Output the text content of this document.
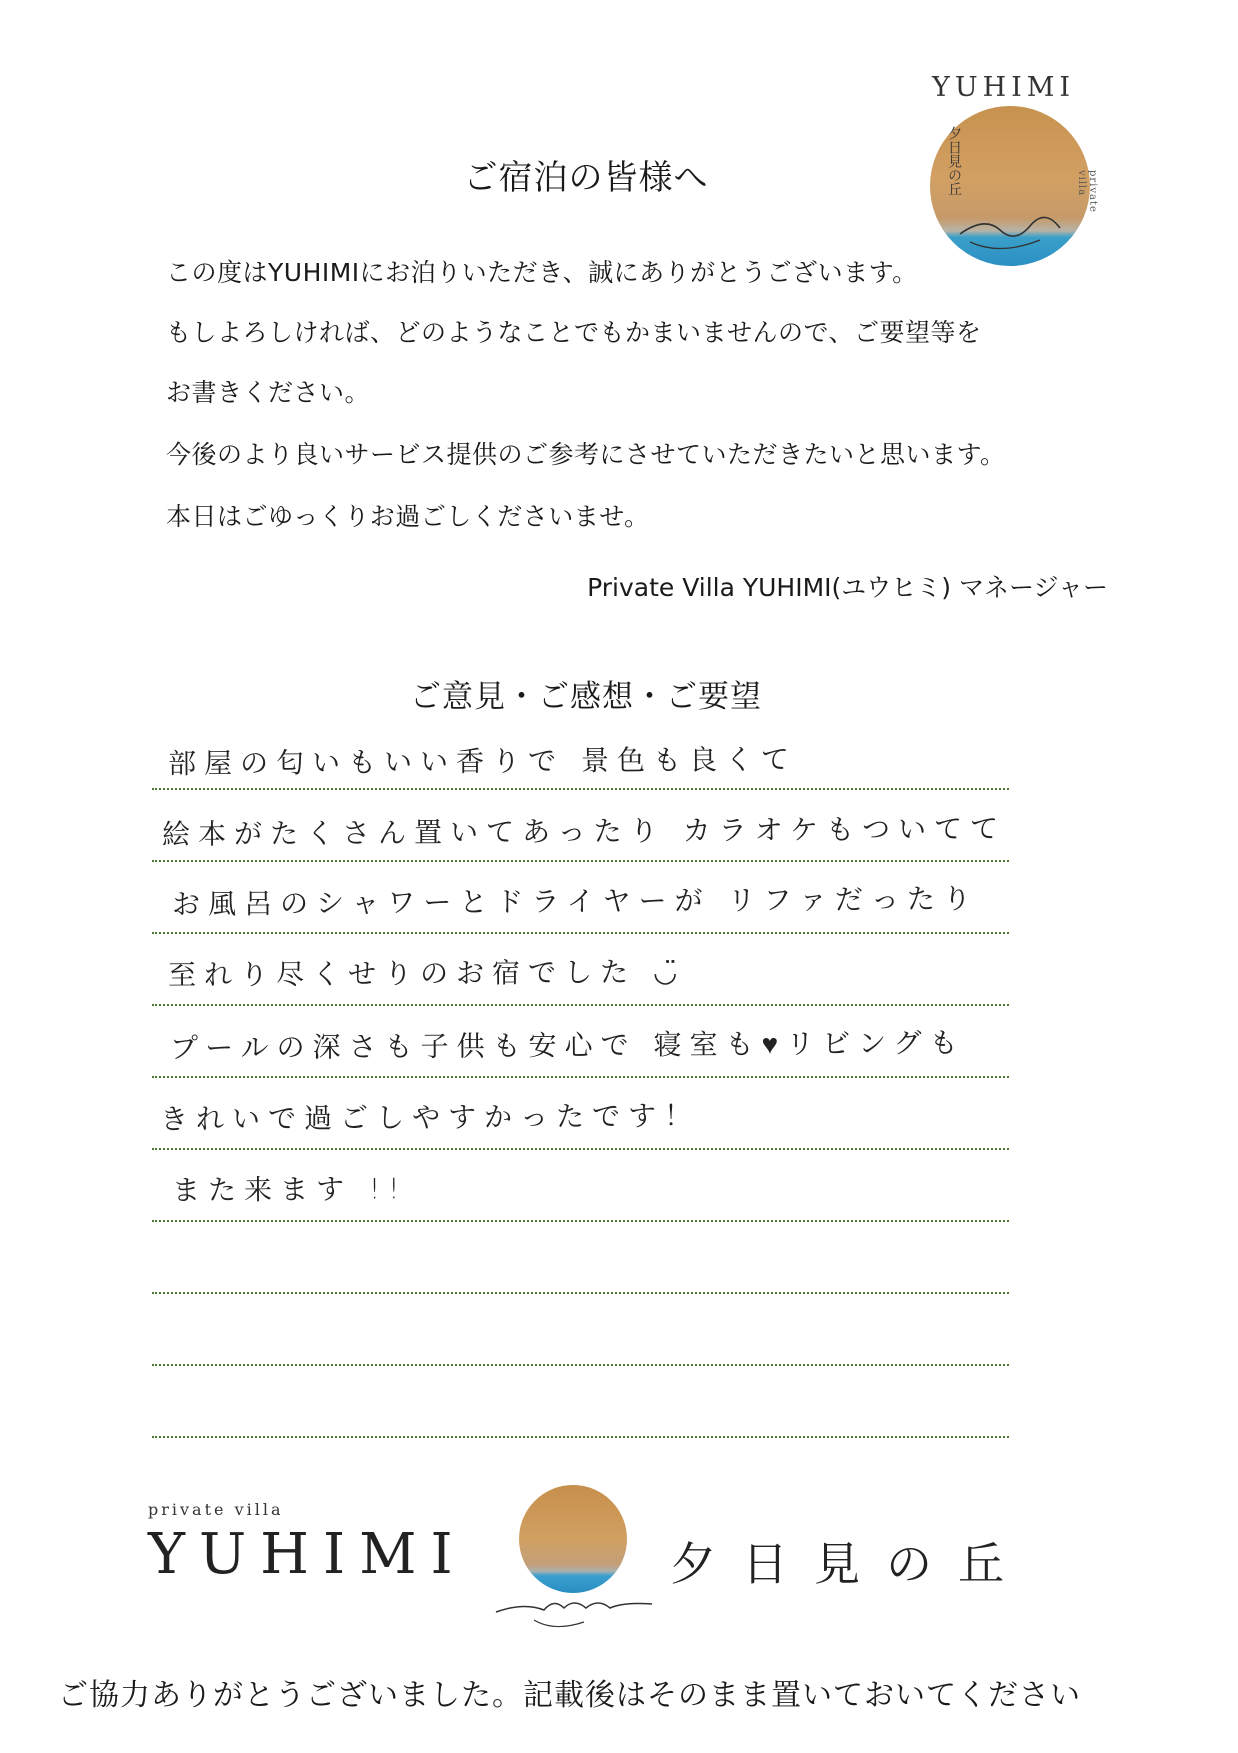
YUHIMI
夕日見の丘	private villa
ご宿泊の皆様へ
この度はYUHIMIにお泊りいただき、誠にありがとうございます。
もしよろしければ、どのようなことでもかまいませんので、ご要望等を
お書きください。
今後のより良いサービス提供のご参考にさせていただきたいと思います。
本日はごゆっくりお過ごしくださいませ。
Private Villa YUHIMI(ユウヒミ) マネージャー
ご意見・ご感想・ご要望
部屋の匂いもいい香りで 景色も良くて
絵本がたくさん置いてあったり カラオケもついてて
お風呂のシャワーとドライヤーが リファだったり
至れり尽くせりのお宿でした ◡̈
プールの深さも子供も安心で 寝室も♥リビングも
きれいで過ごしやすかったです！
また来ます !!
private villa
YUHIMI	夕日見の丘
ご協力ありがとうございました。記載後はそのまま置いておいてください
